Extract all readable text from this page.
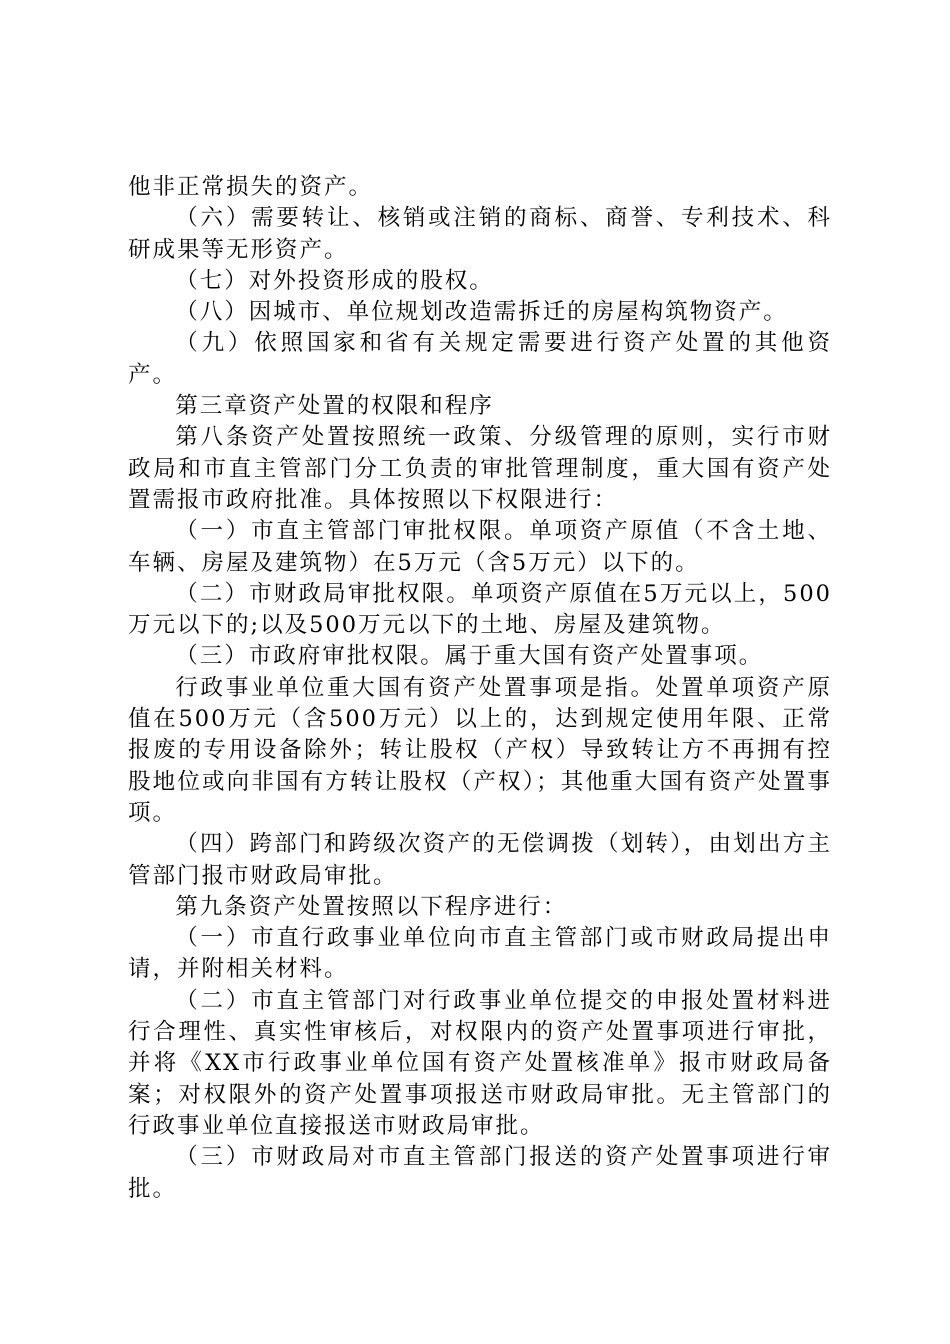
他非正常损失的资产。

（六）需要转让、核销或注销的商标、商誉、专利技术、科研成果等无形资产。

（七）对外投资形成的股权。

（八）因城市、单位规划改造需拆迁的房屋构筑物资产。

（九）依照国家和省有关规定需要进行资产处置的其他资产。

第三章资产处置的权限和程序

第八条资产处置按照统一政策、分级管理的原则，实行市财政局和市直主管部门分工负责的审批管理制度，重大国有资产处置需报市政府批准。具体按照以下权限进行：

（一）市直主管部门审批权限。单项资产原值（不含土地、车辆、房屋及建筑物）在5万元（含5万元）以下的。

（二）市财政局审批权限。单项资产原值在5万元以上，500万元以下的;以及500万元以下的土地、房屋及建筑物。

（三）市政府审批权限。属于重大国有资产处置事项。

行政事业单位重大国有资产处置事项是指。处置单项资产原值在500万元（含500万元）以上的，达到规定使用年限、正常报废的专用设备除外；转让股权（产权）导致转让方不再拥有控股地位或向非国有方转让股权（产权）；其他重大国有资产处置事项。

（四）跨部门和跨级次资产的无偿调拨（划转），由划出方主管部门报市财政局审批。

第九条资产处置按照以下程序进行：

（一）市直行政事业单位向市直主管部门或市财政局提出申请，并附相关材料。

（二）市直主管部门对行政事业单位提交的申报处置材料进行合理性、真实性审核后，对权限内的资产处置事项进行审批，并将《XX市行政事业单位国有资产处置核准单》报市财政局备案；对权限外的资产处置事项报送市财政局审批。无主管部门的行政事业单位直接报送市财政局审批。

（三）市财政局对市直主管部门报送的资产处置事项进行审批。
